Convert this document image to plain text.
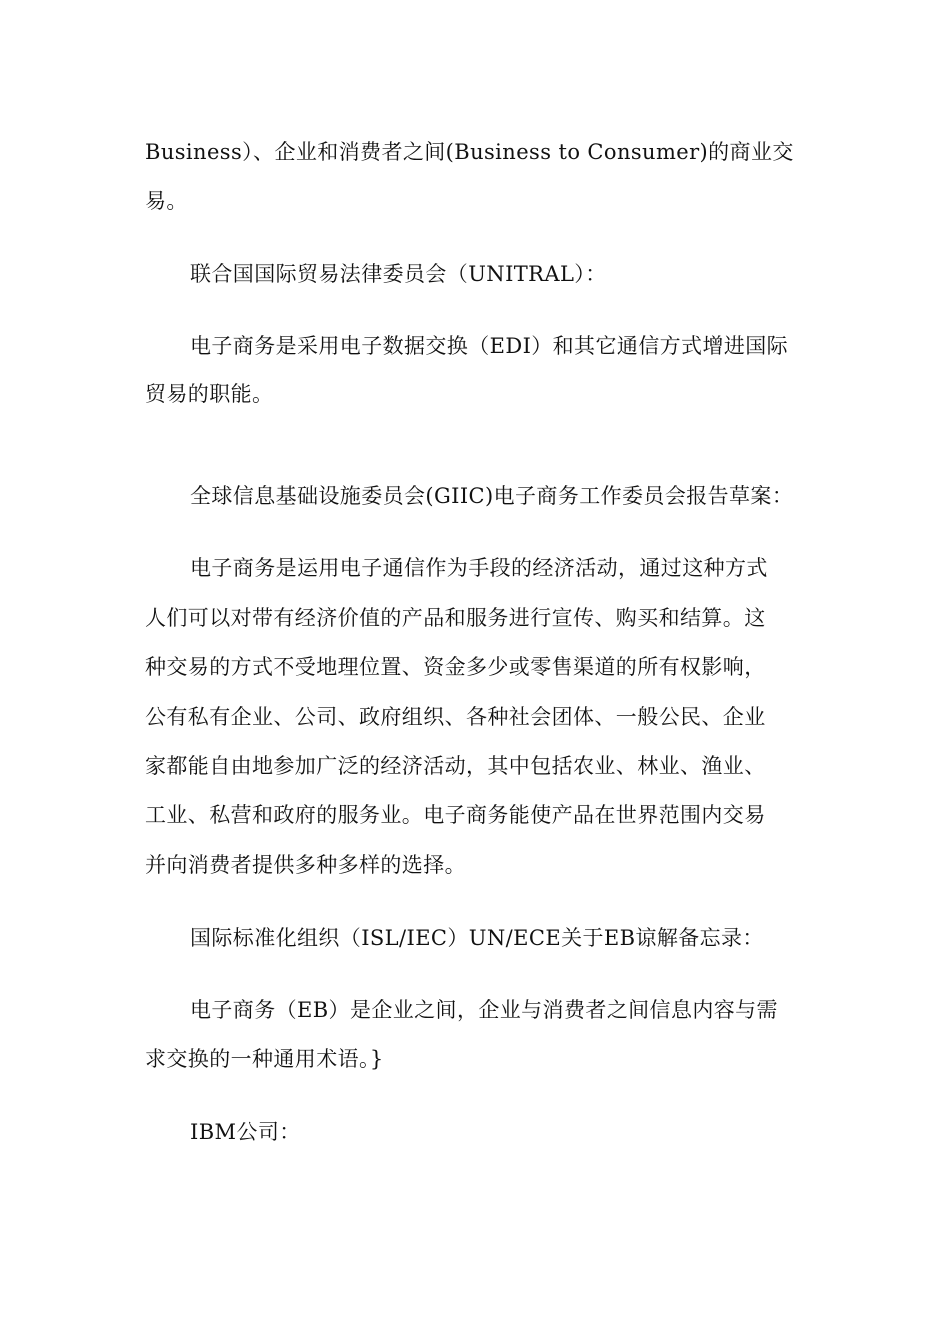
Business）、企业和消费者之间(Business to Consumer)的商业交
易。
联合国国际贸易法律委员会（UNITRAL）：
电子商务是采用电子数据交换（EDI）和其它通信方式增进国际
贸易的职能。
全球信息基础设施委员会(GIIC)电子商务工作委员会报告草案：
电子商务是运用电子通信作为手段的经济活动，通过这种方式
人们可以对带有经济价值的产品和服务进行宣传、购买和结算。这
种交易的方式不受地理位置、资金多少或零售渠道的所有权影响，
公有私有企业、公司、政府组织、各种社会团体、一般公民、企业
家都能自由地参加广泛的经济活动，其中包括农业、林业、渔业、
工业、私营和政府的服务业。电子商务能使产品在世界范围内交易
并向消费者提供多种多样的选择。
国际标准化组织（ISL/IEC）UN/ECE关于EB谅解备忘录：
电子商务（EB）是企业之间，企业与消费者之间信息内容与需
求交换的一种通用术语。}
IBM公司：
